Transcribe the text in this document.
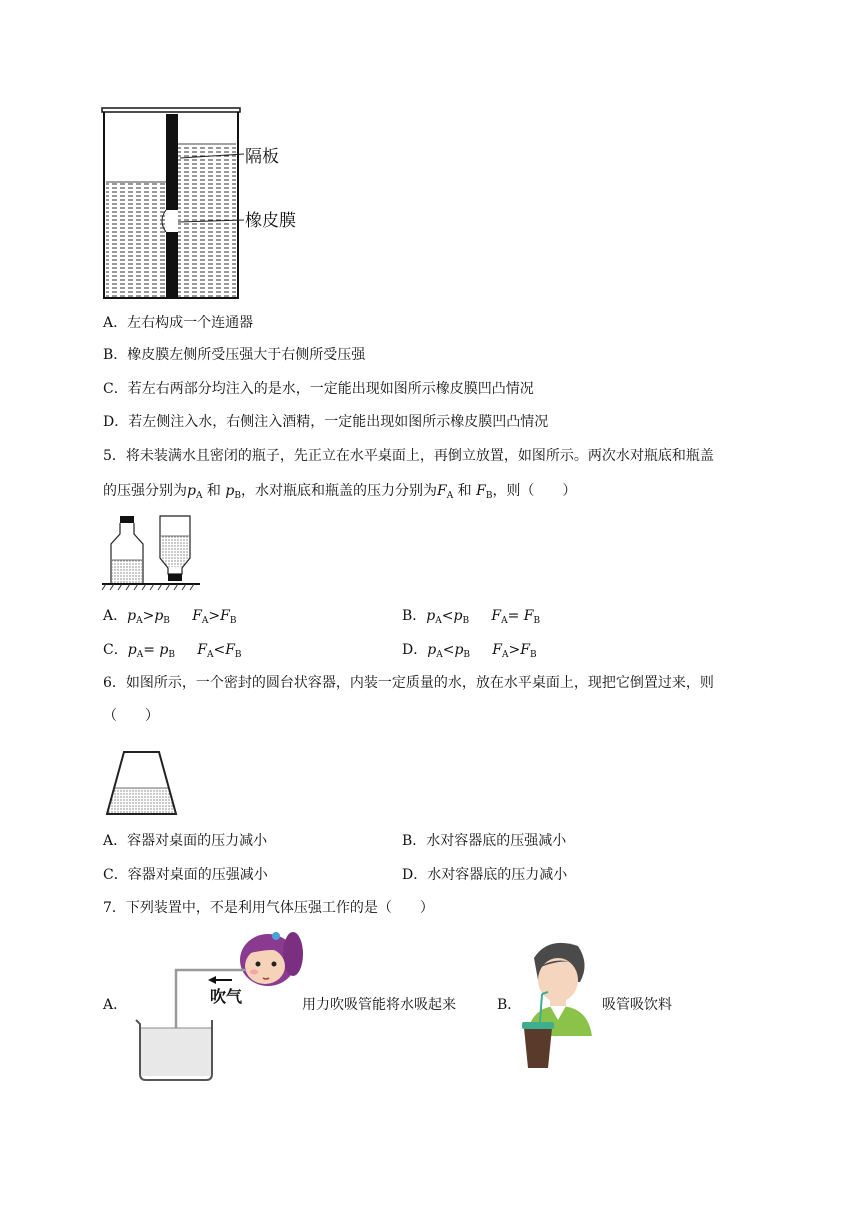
隔板
橡皮膜
A．左右构成一个连通器
B．橡皮膜左侧所受压强大于右侧所受压强
C．若左右两部分均注入的是水，一定能出现如图所示橡皮膜凹凸情况
D．若左侧注入水，右侧注入酒精，一定能出现如图所示橡皮膜凹凸情况
5．将未装满水且密闭的瓶子，先正立在水平桌面上，再倒立放置，如图所示。两次水对瓶底和瓶盖
的压强分别为$p_A$ 和 $p_B$，水对瓶底和瓶盖的压力分别为$F_A$ 和 $F_B$，则（　　）
A．$p_A>p_B$ $F_A>F_B$	B．$p_A<p_B$ $F_A= F_B$
C．$p_A= p_B$ $F_A<F_B$	D．$p_A<p_B$ $F_A>F_B$
6．如图所示，一个密封的圆台状容器，内装一定质量的水，放在水平桌面上，现把它倒置过来，则
（　　）
A．容器对桌面的压力减小	B．水对容器底的压强减小
C．容器对桌面的压强减小	D．水对容器底的压力减小
7．下列装置中，不是利用气体压强工作的是（　　）
A．	吹气	用力吹吸管能将水吸起来	B．	吸管吸饮料
